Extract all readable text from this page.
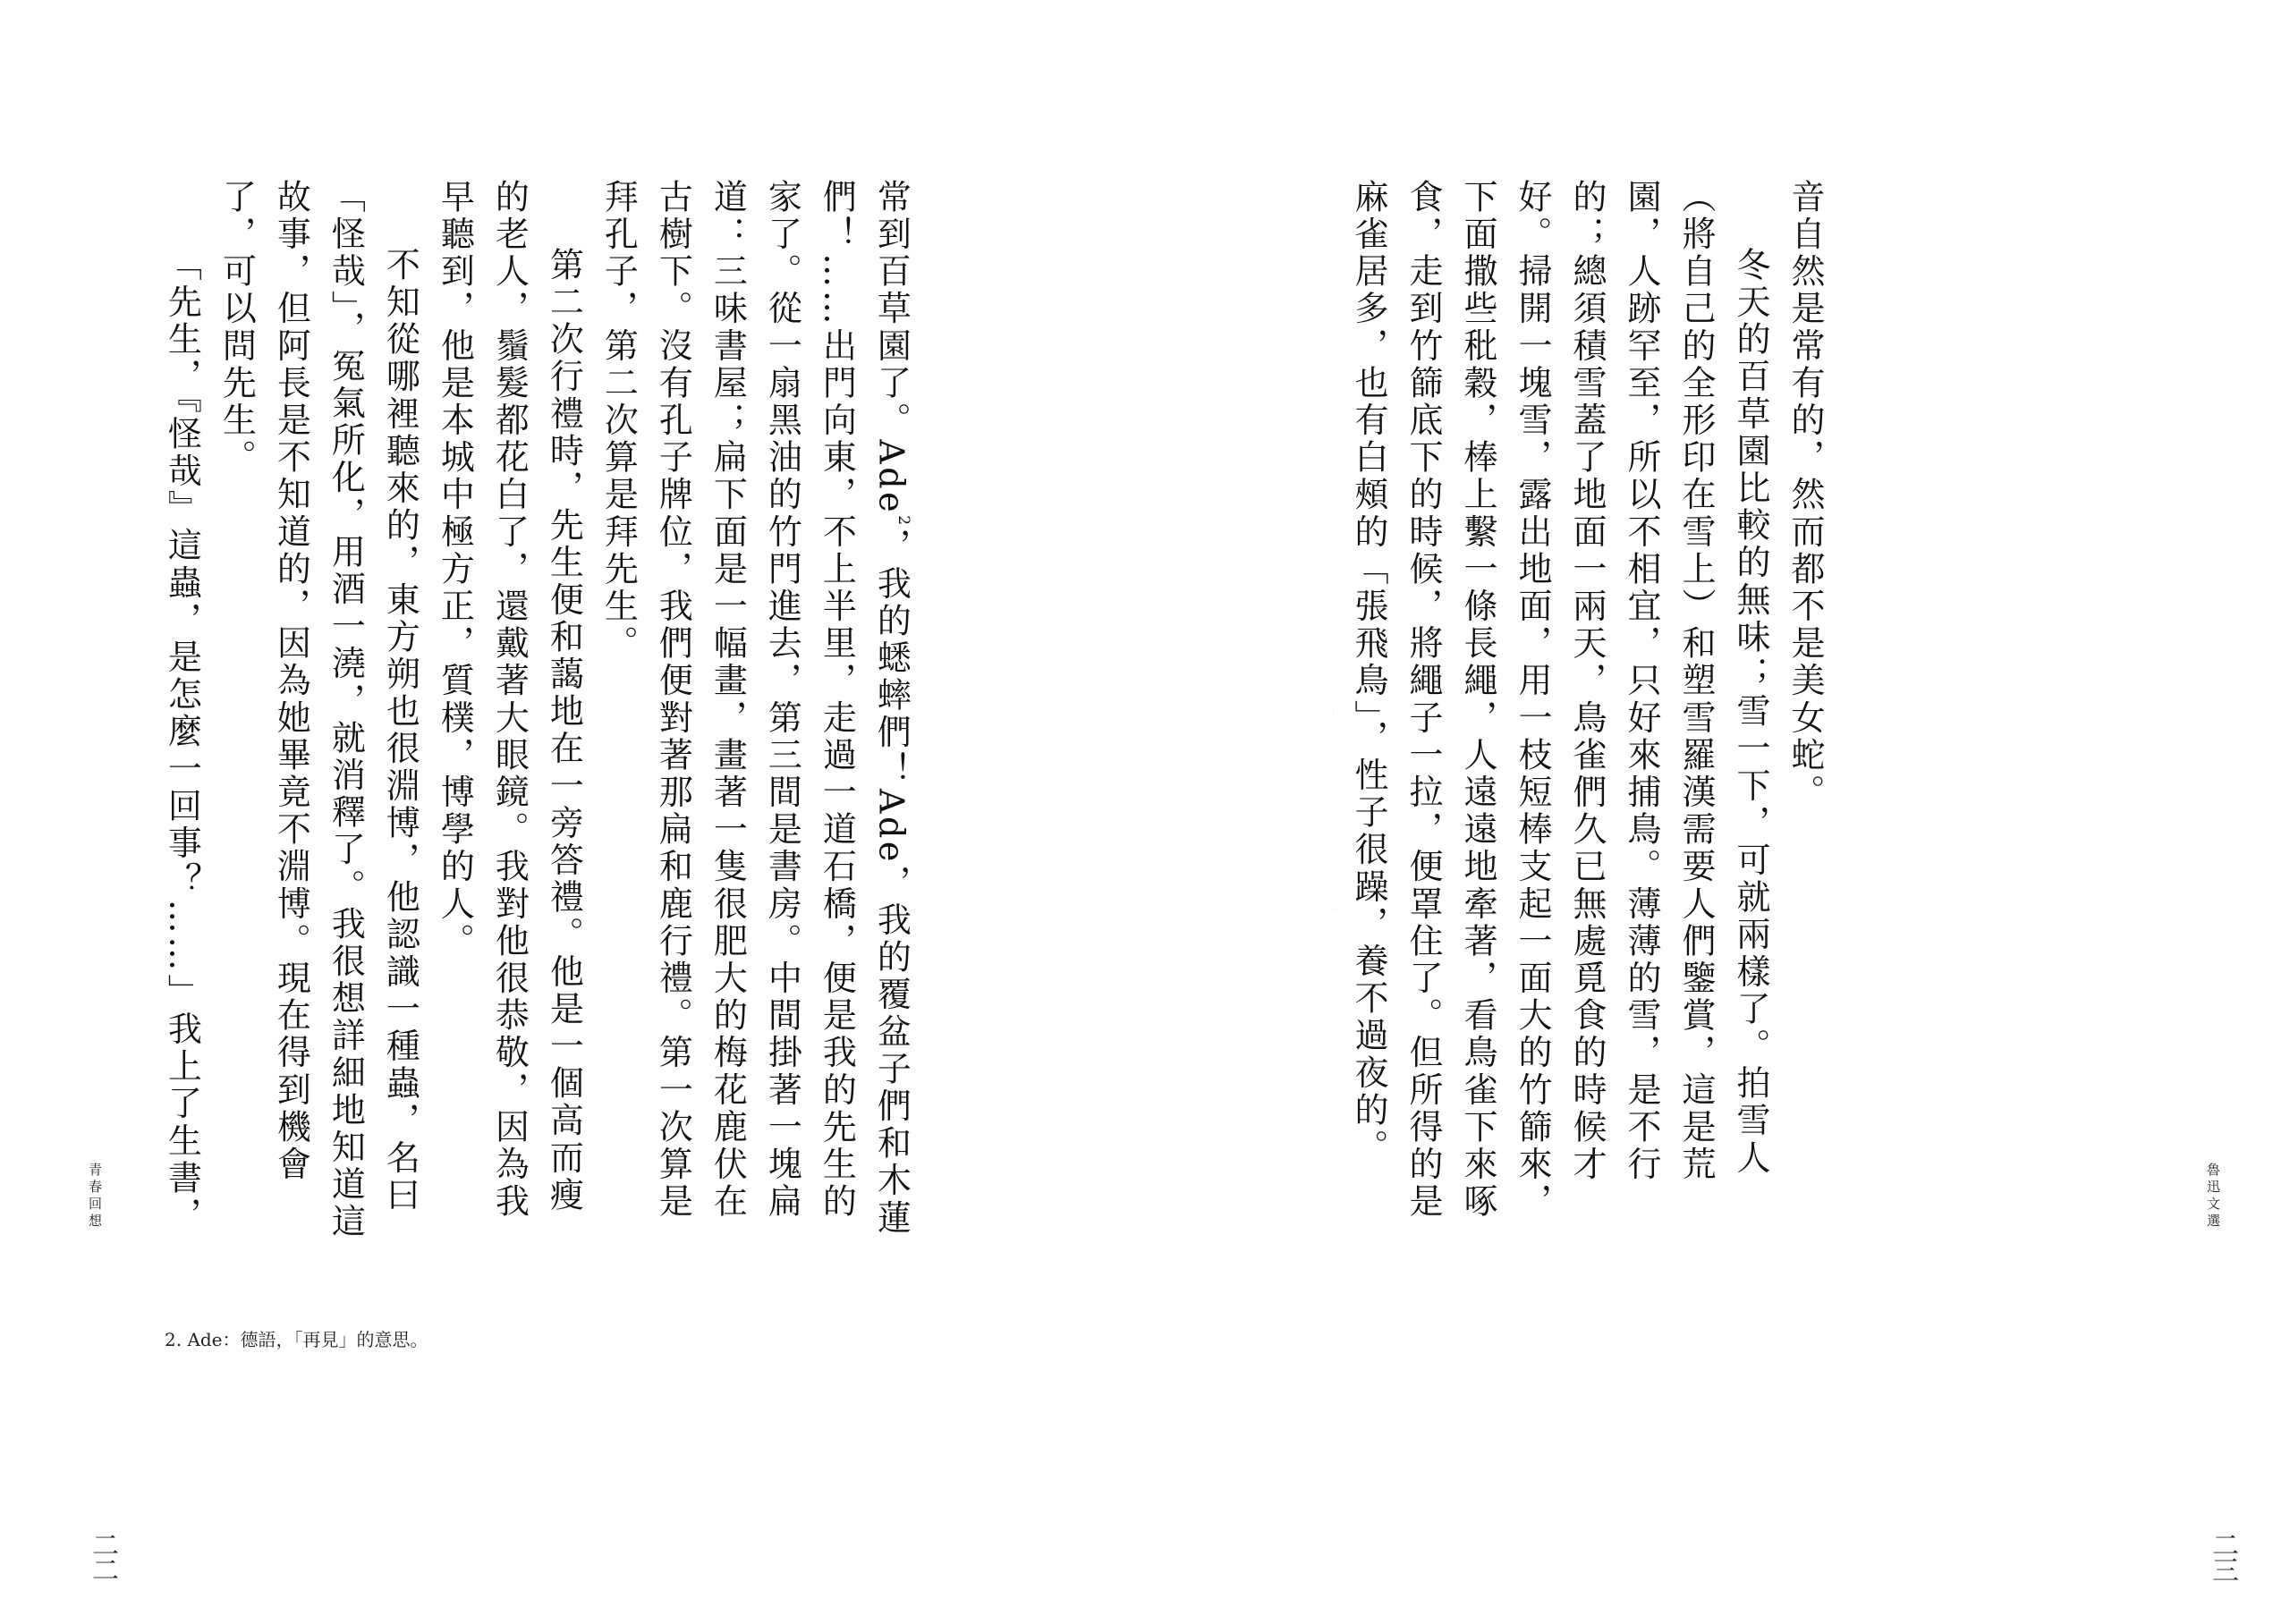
音自然是常有的，然而都不是美女蛇。

冬天的百草園比較的無味；雪一下，可就兩樣了。拍雪人（將自己的全形印在雪上）和塑雪羅漢需要人們鑒賞，這是荒園，人跡罕至，所以不相宜，只好來捕鳥。薄薄的雪，是不行的；總須積雪蓋了地面一兩天，鳥雀們久已無處覓食的時候才好。掃開一塊雪，露出地面，用一枝短棒支起一面大的竹篩來，下面撒些秕穀，棒上繫一條長繩，人遠遠地牽著，看鳥雀下來啄食，走到竹篩底下的時候，將繩子一拉，便罩住了。但所得的是麻雀居多，也有白頰的「張飛鳥」，性子很躁，養不過夜的。

魯迅文選
二三

常到百草園了。Ade$^2$，我的蟋蟀們！Ade，我的覆盆子們和木蓮們！……出門向東，不上半里，走過一道石橋，便是我的先生的家了。從一扇黑油的竹門進去，第三間是書房。中間掛著一塊扁道：三味書屋；扁下面是一幅畫，畫著一隻很肥大的梅花鹿伏在古樹下。沒有孔子牌位，我們便對著那扁和鹿行禮。第一次算是拜孔子，第二次算是拜先生。

第二次行禮時，先生便和藹地在一旁答禮。他是一個高而瘦的老人，鬚髮都花白了，還戴著大眼鏡。我對他很恭敬，因為我早聽到，他是本城中極方正，質樸，博學的人。

不知從哪裡聽來的，東方朔也很淵博，他認識一種蟲，名曰「怪哉」，冤氣所化，用酒一澆，就消釋了。我很想詳細地知道這故事，但阿長是不知道的，因為她畢竟不淵博。現在得到機會了，可以問先生。

「先生，『怪哉』這蟲，是怎麼一回事？……」我上了生書，

青春回想
2. Ade：德語，「再見」的意思。
二二
